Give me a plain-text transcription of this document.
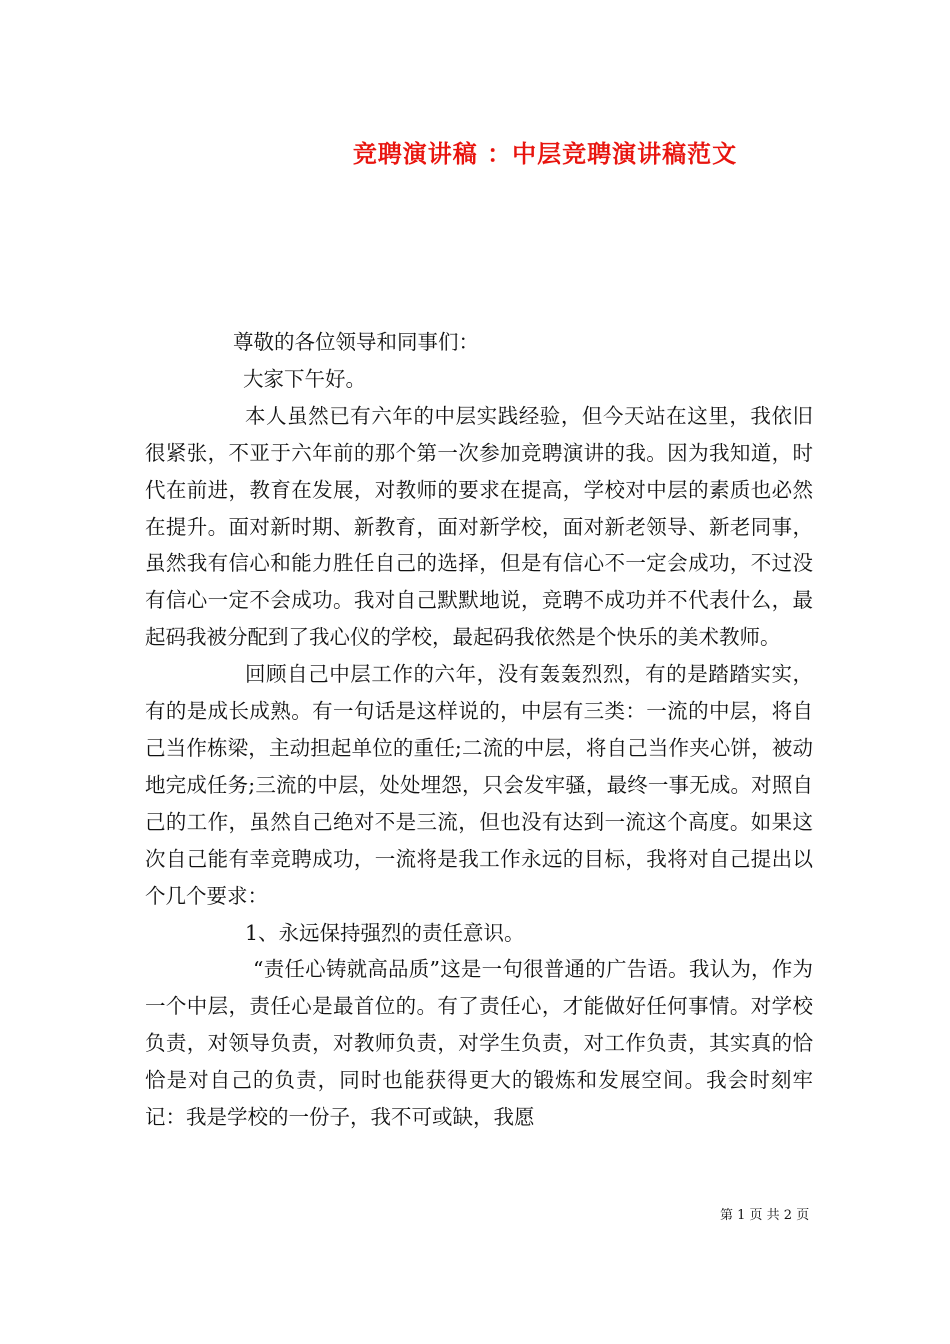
竞聘演讲稿 ：中层竞聘演讲稿范文

尊敬的各位领导和同事们：

大家下午好。

本人虽然已有六年的中层实践经验，但今天站在这里，我依旧很紧张，不亚于六年前的那个第一次参加竞聘演讲的我。因为我知道，时代在前进，教育在发展，对教师的要求在提高，学校对中层的素质也必然在提升。面对新时期、新教育，面对新学校，面对新老领导、新老同事，虽然我有信心和能力胜任自己的选择，但是有信心不一定会成功，不过没有信心一定不会成功。我对自己默默地说，竞聘不成功并不代表什么，最起码我被分配到了我心仪的学校，最起码我依然是个快乐的美术教师。

回顾自己中层工作的六年，没有轰轰烈烈，有的是踏踏实实，有的是成长成熟。有一句话是这样说的，中层有三类：一流的中层，将自己当作栋梁，主动担起单位的重任;二流的中层，将自己当作夹心饼，被动地完成任务;三流的中层，处处埋怨，只会发牢骚，最终一事无成。对照自己的工作，虽然自己绝对不是三流，但也没有达到一流这个高度。如果这次自己能有幸竞聘成功，一流将是我工作永远的目标，我将对自己提出以个几个要求：

1、永远保持强烈的责任意识。

“责任心铸就高品质”这是一句很普通的广告语。我认为，作为一个中层，责任心是最首位的。有了责任心，才能做好任何事情。对学校负责，对领导负责，对教师负责，对学生负责，对工作负责，其实真的恰恰是对自己的负责，同时也能获得更大的锻炼和发展空间。我会时刻牢记：我是学校的一份子，我不可或缺，我愿

第 1 页 共 2 页
